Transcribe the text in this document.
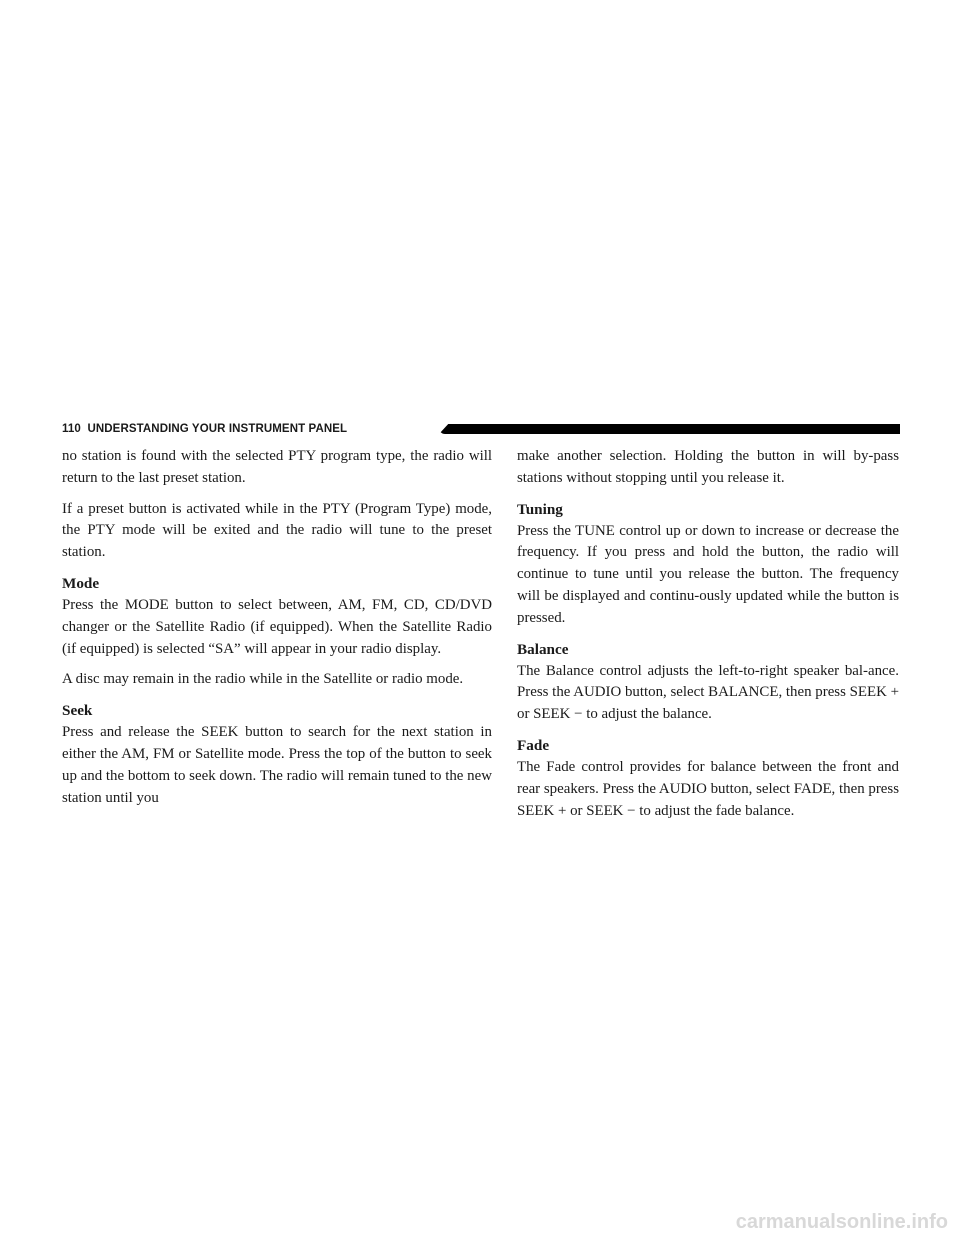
110 UNDERSTANDING YOUR INSTRUMENT PANEL

no station is found with the selected PTY program type, the radio will return to the last preset station.

If a preset button is activated while in the PTY (Program Type) mode, the PTY mode will be exited and the radio will tune to the preset station.

Mode

Press the MODE button to select between, AM, FM, CD, CD/DVD changer or the Satellite Radio (if equipped). When the Satellite Radio (if equipped) is selected “SA” will appear in your radio display.

A disc may remain in the radio while in the Satellite or radio mode.

Seek

Press and release the SEEK button to search for the next station in either the AM, FM or Satellite mode. Press the top of the button to seek up and the bottom to seek down. The radio will remain tuned to the new station until you

make another selection. Holding the button in will by-pass stations without stopping until you release it.

Tuning

Press the TUNE control up or down to increase or decrease the frequency. If you press and hold the button, the radio will continue to tune until you release the button. The frequency will be displayed and continu-ously updated while the button is pressed.

Balance

The Balance control adjusts the left-to-right speaker bal-ance. Press the AUDIO button, select BALANCE, then press SEEK + or SEEK − to adjust the balance.

Fade

The Fade control provides for balance between the front and rear speakers. Press the AUDIO button, select FADE, then press SEEK + or SEEK − to adjust the fade balance.

carmanualsonline.info
